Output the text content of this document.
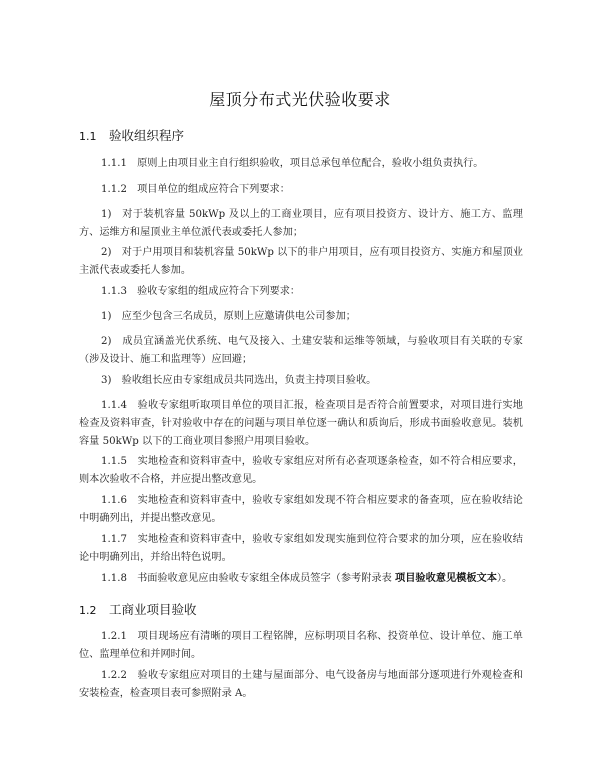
屋顶分布式光伏验收要求
1.1 验收组织程序
1.1.1　原则上由项目业主自行组织验收，项目总承包单位配合，验收小组负责执行。
1.1.2　项目单位的组成应符合下列要求：
1)　对于装机容量 50kWp 及以上的工商业项目，应有项目投资方、设计方、施工方、监理方、运维方和屋顶业主单位派代表或委托人参加；
2)　对于户用项目和装机容量 50kWp 以下的非户用项目，应有项目投资方、实施方和屋顶业主派代表或委托人参加。
1.1.3　验收专家组的组成应符合下列要求：
1)　应至少包含三名成员，原则上应邀请供电公司参加；
2)　成员宜涵盖光伏系统、电气及接入、土建安装和运维等领域，与验收项目有关联的专家（涉及设计、施工和监理等）应回避；
3)　验收组长应由专家组成员共同选出，负责主持项目验收。
1.1.4　验收专家组听取项目单位的项目汇报，检查项目是否符合前置要求，对项目进行实地检查及资料审查，针对验收中存在的问题与项目单位逐一确认和质询后，形成书面验收意见。装机容量 50kWp 以下的工商业项目参照户用项目验收。
1.1.5　实地检查和资料审查中，验收专家组应对所有必查项逐条检查，如不符合相应要求，则本次验收不合格，并应提出整改意见。
1.1.6　实地检查和资料审查中，验收专家组如发现不符合相应要求的备查项，应在验收结论中明确列出，并提出整改意见。
1.1.7　实地检查和资料审查中，验收专家组如发现实施到位符合要求的加分项，应在验收结论中明确列出，并给出特色说明。
1.1.8　书面验收意见应由验收专家组全体成员签字（参考附录表 项目验收意见模板文本）。
1.2 工商业项目验收
1.2.1　项目现场应有清晰的项目工程铭牌，应标明项目名称、投资单位、设计单位、施工单位、监理单位和并网时间。
1.2.2　验收专家组应对项目的土建与屋面部分、电气设备房与地面部分逐项进行外观检查和安装检查，检查项目表可参照附录 A。
